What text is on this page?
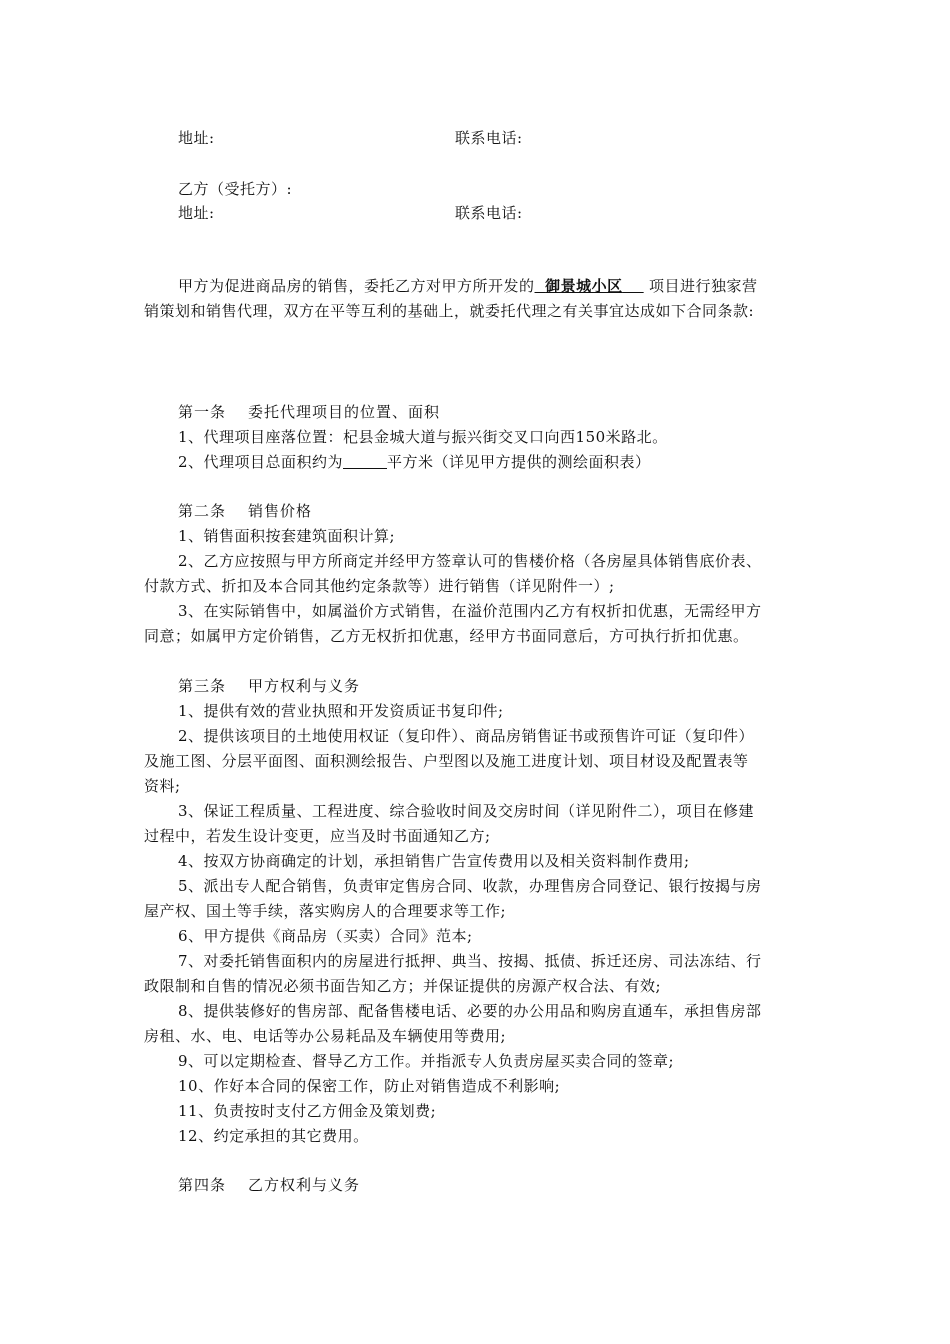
地址:	联系电话:
乙方（受托方）:
地址:	联系电话:
甲方为促进商品房的销售，委托乙方对甲方所开发的 御景城小区 项目进行独家营
销策划和销售代理，双方在平等互利的基础上，就委托代理之有关事宜达成如下合同条款:
第一条 委托代理项目的位置、面积
1、代理项目座落位置：杞县金城大道与振兴街交叉口向西150米路北。
2、代理项目总面积约为	平方米（详见甲方提供的测绘面积表）
第二条 销售价格
1、销售面积按套建筑面积计算;
2、乙方应按照与甲方所商定并经甲方签章认可的售楼价格（各房屋具体销售底价表、
付款方式、折扣及本合同其他约定条款等）进行销售（详见附件一）;
3、在实际销售中，如属溢价方式销售，在溢价范围内乙方有权折扣优惠，无需经甲方
同意；如属甲方定价销售，乙方无权折扣优惠，经甲方书面同意后，方可执行折扣优惠。
第三条 甲方权利与义务
1、提供有效的营业执照和开发资质证书复印件;
2、提供该项目的土地使用权证（复印件）、商品房销售证书或预售许可证（复印件）
及施工图、分层平面图、面积测绘报告、户型图以及施工进度计划、项目材设及配置表等
资料;
3、保证工程质量、工程进度、综合验收时间及交房时间（详见附件二），项目在修建
过程中，若发生设计变更，应当及时书面通知乙方;
4、按双方协商确定的计划，承担销售广告宣传费用以及相关资料制作费用;
5、派出专人配合销售，负责审定售房合同、收款，办理售房合同登记、银行按揭与房
屋产权、国土等手续，落实购房人的合理要求等工作;
6、甲方提供《商品房（买卖）合同》范本;
7、对委托销售面积内的房屋进行抵押、典当、按揭、抵债、拆迁还房、司法冻结、行
政限制和自售的情况必须书面告知乙方；并保证提供的房源产权合法、有效;
8、提供装修好的售房部、配备售楼电话、必要的办公用品和购房直通车，承担售房部
房租、水、电、电话等办公易耗品及车辆使用等费用;
9、可以定期检查、督导乙方工作。并指派专人负责房屋买卖合同的签章;
10、作好本合同的保密工作，防止对销售造成不利影响;
11、负责按时支付乙方佣金及策划费;
12、约定承担的其它费用。
第四条 乙方权利与义务
